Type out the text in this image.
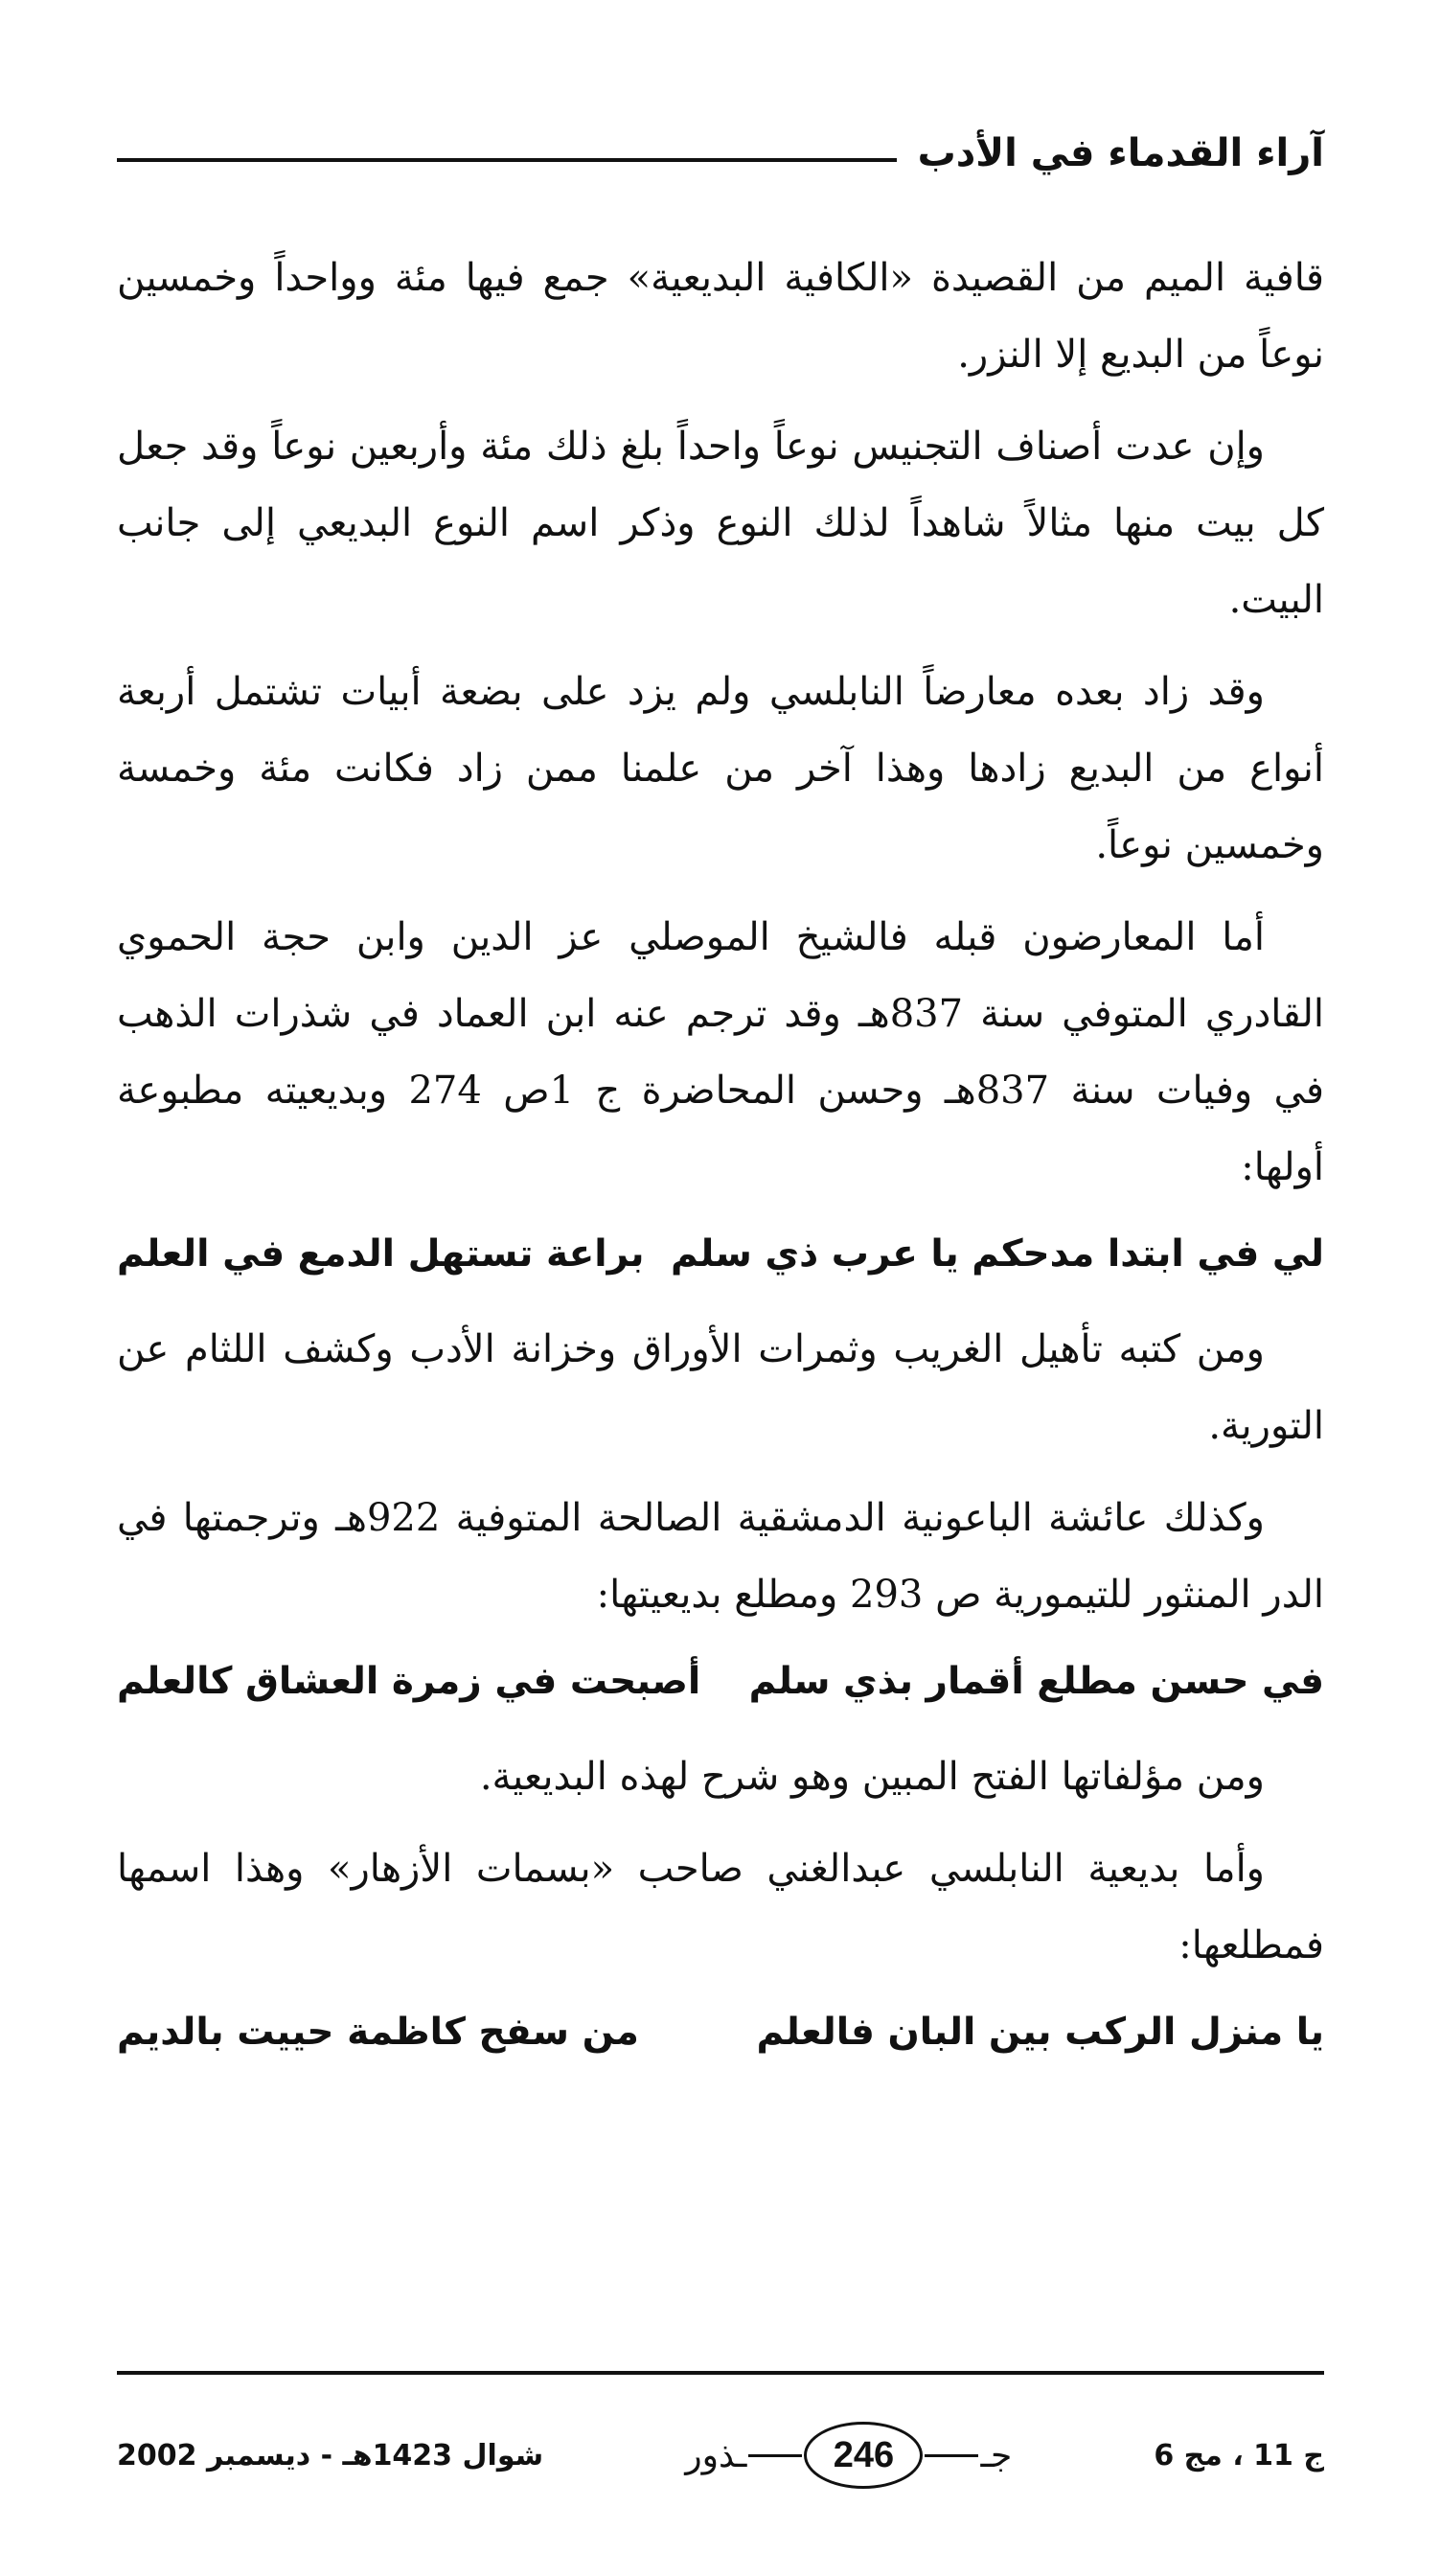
آراء القدماء في الأدب

قافية الميم من القصيدة «الكافية البديعية» جمع فيها مئة وواحداً وخمسين نوعاً من البديع إلا النزر.

وإن عدت أصناف التجنيس نوعاً واحداً بلغ ذلك مئة وأربعين نوعاً وقد جعل كل بيت منها مثالاً شاهداً لذلك النوع وذكر اسم النوع البديعي إلى جانب البيت.

وقد زاد بعده معارضاً النابلسي ولم يزد على بضعة أبيات تشتمل أربعة أنواع من البديع زادها وهذا آخر من علمنا ممن زاد فكانت مئة وخمسة وخمسين نوعاً.

أما المعارضون قبله فالشيخ الموصلي عز الدين وابن حجة الحموي القادري المتوفي سنة 837هـ وقد ترجم عنه ابن العماد في شذرات الذهب في وفيات سنة 837هـ وحسن المحاضرة ج 1ص 274 وبديعيته مطبوعة أولها:

لي في ابتدا مدحكم يا عرب ذي سلم
براعة تستهل الدمع في العلم

ومن كتبه تأهيل الغريب وثمرات الأوراق وخزانة الأدب وكشف اللثام عن التورية.

وكذلك عائشة الباعونية الدمشقية الصالحة المتوفية 922هـ وترجمتها في الدر المنثور للتيمورية ص 293 ومطلع بديعيتها:

في حسن مطلع أقمار بذي سلم
أصبحت في زمرة العشاق كالعلم

ومن مؤلفاتها الفتح المبين وهو شرح لهذه البديعية.

وأما بديعية النابلسي عبدالغني صاحب «بسمات الأزهار» وهذا اسمها فمطلعها:

يا منزل الركب بين البان فالعلم
من سفح كاظمة حييت بالديم
ج 11 ، مج 6
جـ
246
ـذور
شوال 1423هـ - ديسمبر 2002
